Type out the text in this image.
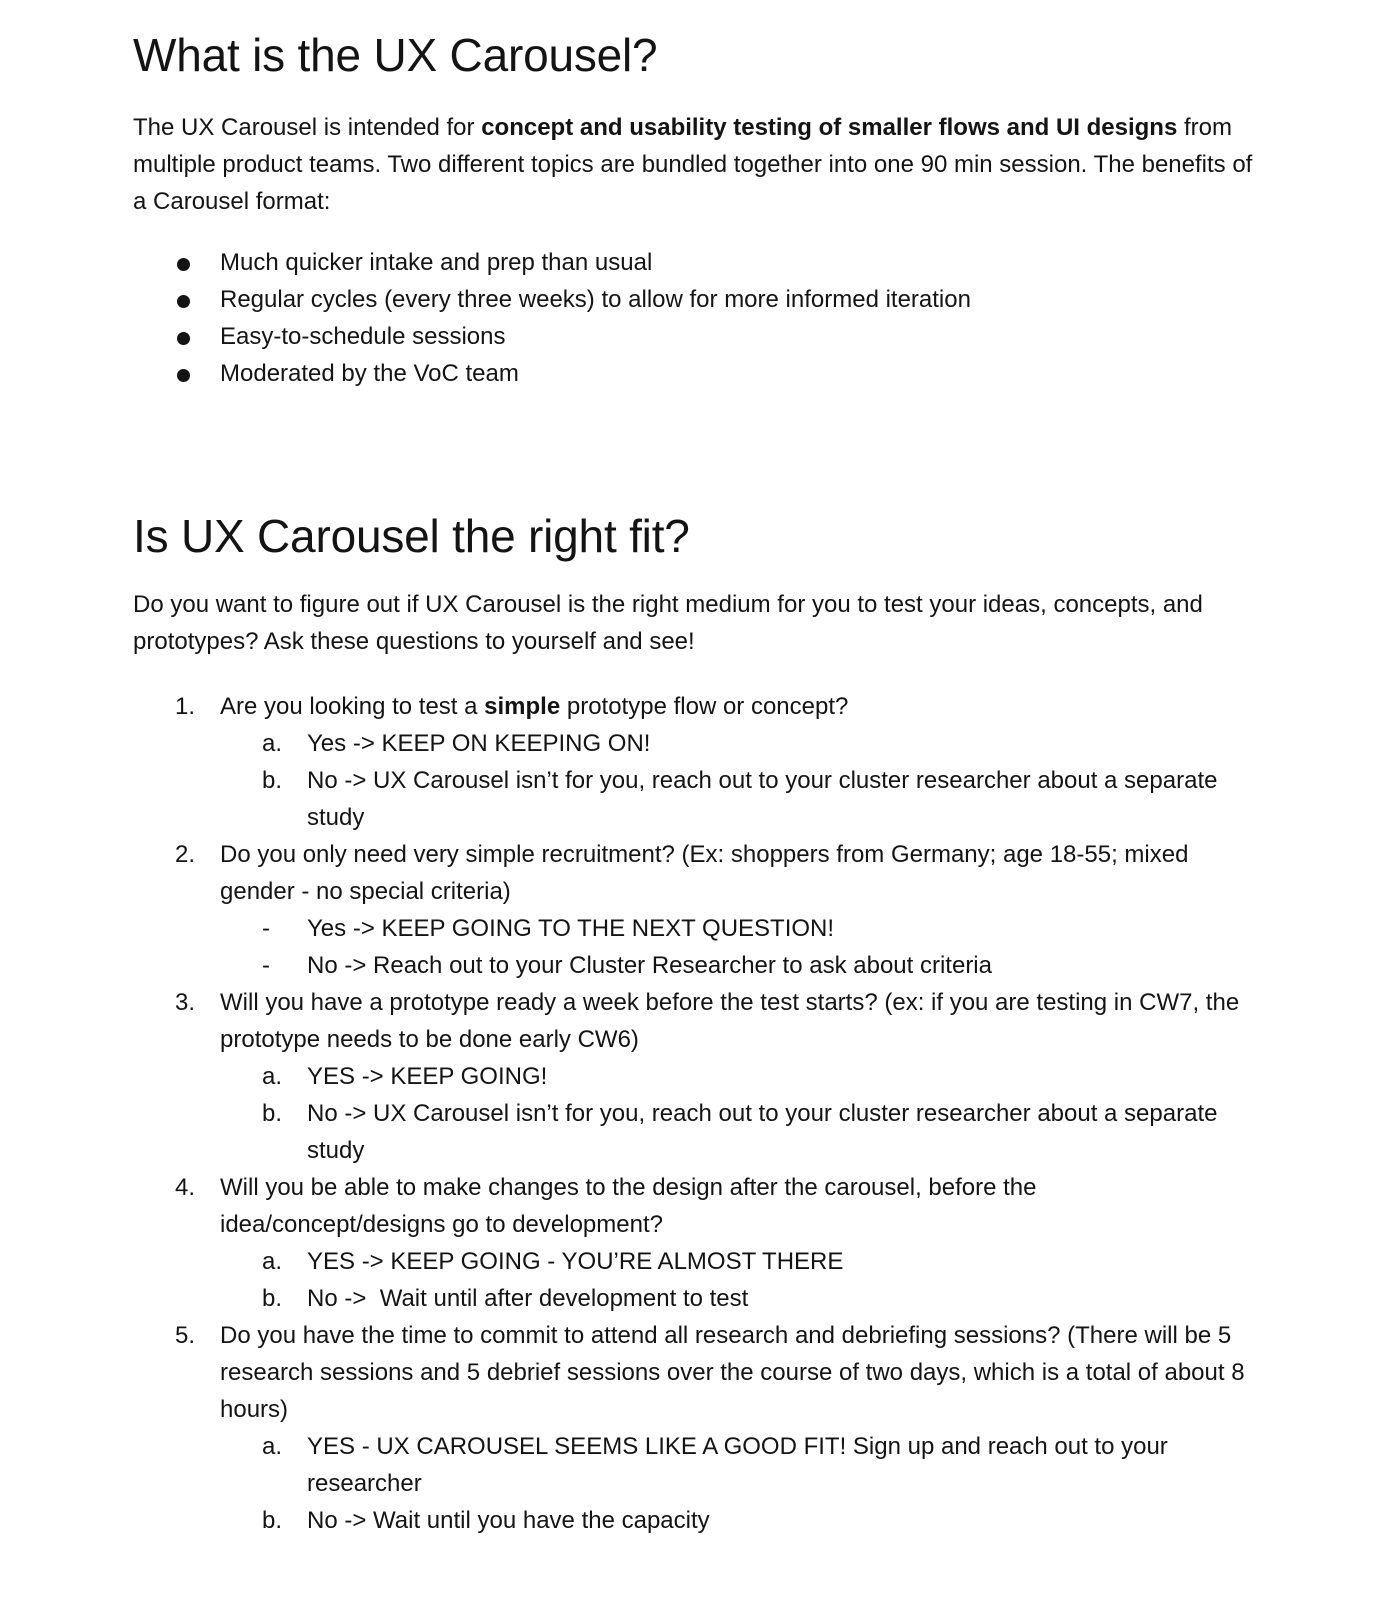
What is the UX Carousel?

The UX Carousel is intended for concept and usability testing of smaller flows and UI designs from multiple product teams. Two different topics are bundled together into one 90 min session. The benefits of a Carousel format:

Much quicker intake and prep than usual
Regular cycles (every three weeks) to allow for more informed iteration
Easy-to-schedule sessions
Moderated by the VoC team
Is UX Carousel the right fit?

Do you want to figure out if UX Carousel is the right medium for you to test your ideas, concepts, and prototypes? Ask these questions to yourself and see!

1. Are you looking to test a simple prototype flow or concept?
a. Yes -> KEEP ON KEEPING ON!
b. No -> UX Carousel isn’t for you, reach out to your cluster researcher about a separate study
2. Do you only need very simple recruitment? (Ex: shoppers from Germany; age 18-55; mixed gender - no special criteria)
- Yes -> KEEP GOING TO THE NEXT QUESTION!
- No -> Reach out to your Cluster Researcher to ask about criteria
3. Will you have a prototype ready a week before the test starts? (ex: if you are testing in CW7, the prototype needs to be done early CW6)
a. YES -> KEEP GOING!
b. No -> UX Carousel isn’t for you, reach out to your cluster researcher about a separate study
4. Will you be able to make changes to the design after the carousel, before the idea/concept/designs go to development?
a. YES -> KEEP GOING - YOU’RE ALMOST THERE
b. No ->  Wait until after development to test
5. Do you have the time to commit to attend all research and debriefing sessions? (There will be 5 research sessions and 5 debrief sessions over the course of two days, which is a total of about 8 hours)
a. YES - UX CAROUSEL SEEMS LIKE A GOOD FIT! Sign up and reach out to your researcher
b. No -> Wait until you have the capacity
